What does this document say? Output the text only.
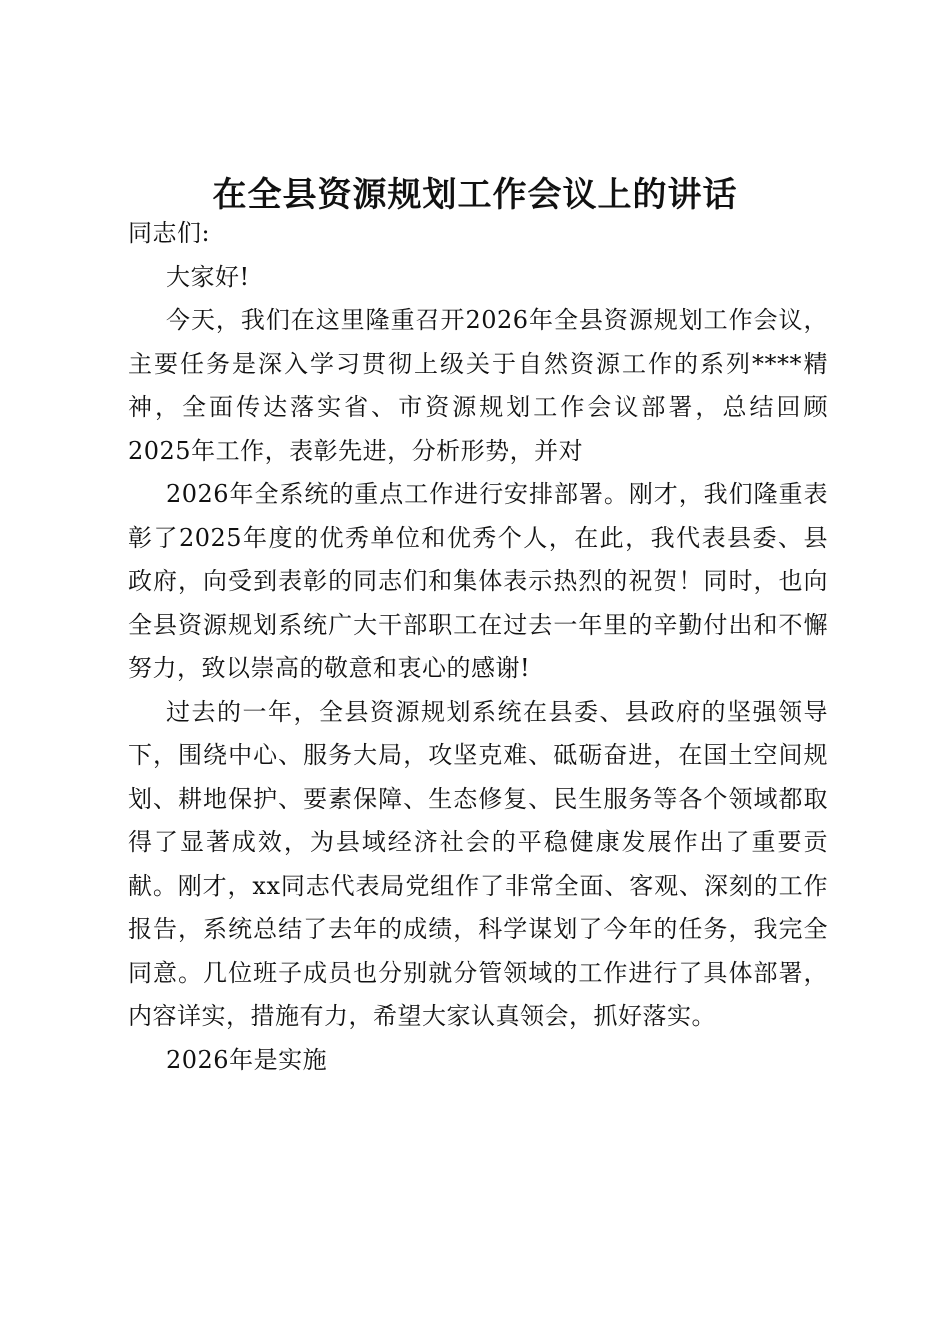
在全县资源规划工作会议上的讲话

同志们:

大家好!

今天，我们在这里隆重召开2026年全县资源规划工作会议，主要任务是深入学习贯彻上级关于自然资源工作的系列****精神，全面传达落实省、市资源规划工作会议部署，总结回顾2025年工作，表彰先进，分析形势，并对

2026年全系统的重点工作进行安排部署。刚才，我们隆重表彰了2025年度的优秀单位和优秀个人，在此，我代表县委、县政府，向受到表彰的同志们和集体表示热烈的祝贺！同时，也向全县资源规划系统广大干部职工在过去一年里的辛勤付出和不懈努力，致以崇高的敬意和衷心的感谢!

过去的一年，全县资源规划系统在县委、县政府的坚强领导下，围绕中心、服务大局，攻坚克难、砥砺奋进，在国土空间规划、耕地保护、要素保障、生态修复、民生服务等各个领域都取得了显著成效，为县域经济社会的平稳健康发展作出了重要贡献。刚才，xx同志代表局党组作了非常全面、客观、深刻的工作报告，系统总结了去年的成绩，科学谋划了今年的任务，我完全同意。几位班子成员也分别就分管领域的工作进行了具体部署，内容详实，措施有力，希望大家认真领会，抓好落实。

2026年是实施
